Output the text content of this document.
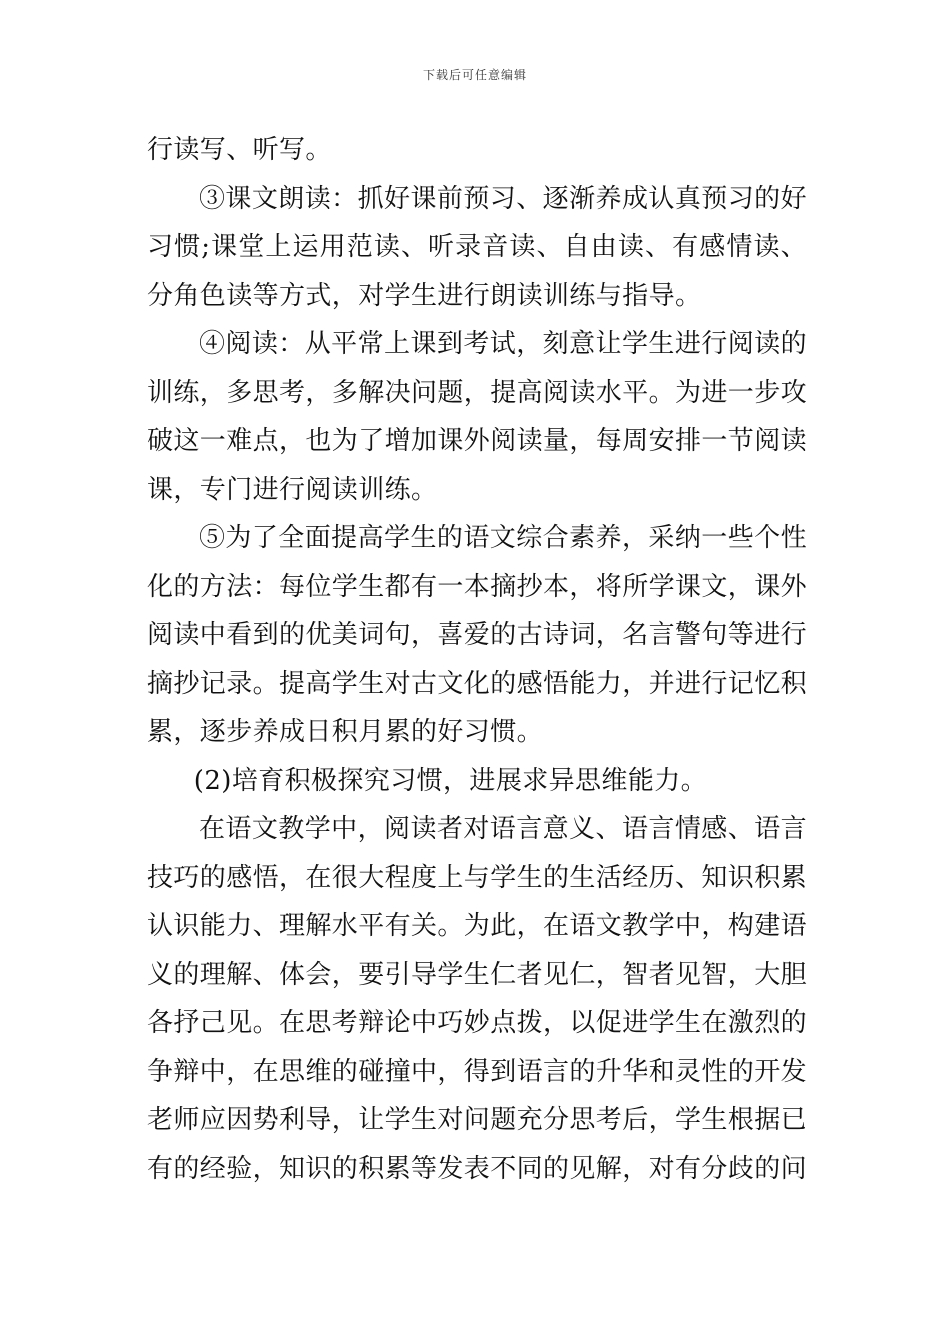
下载后可任意编辑

行读写、听写。

③课文朗读：抓好课前预习、逐渐养成认真预习的好习惯;课堂上运用范读、听录音读、自由读、有感情读、分角色读等方式，对学生进行朗读训练与指导。

④阅读：从平常上课到考试，刻意让学生进行阅读的训练，多思考，多解决问题，提高阅读水平。为进一步攻破这一难点，也为了增加课外阅读量，每周安排一节阅读课，专门进行阅读训练。

⑤为了全面提高学生的语文综合素养，采纳一些个性化的方法：每位学生都有一本摘抄本，将所学课文，课外阅读中看到的优美词句，喜爱的古诗词，名言警句等进行摘抄记录。提高学生对古文化的感悟能力，并进行记忆积累，逐步养成日积月累的好习惯。

(2)培育积极探究习惯，进展求异思维能力。

在语文教学中，阅读者对语言意义、语言情感、语言技巧的感悟，在很大程度上与学生的生活经历、知识积累认识能力、理解水平有关。为此，在语文教学中，构建语义的理解、体会，要引导学生仁者见仁，智者见智，大胆各抒己见。在思考辩论中巧妙点拨，以促进学生在激烈的争辩中，在思维的碰撞中，得到语言的升华和灵性的开发老师应因势利导，让学生对问题充分思考后，学生根据已有的经验，知识的积累等发表不同的见解，对有分歧的问
